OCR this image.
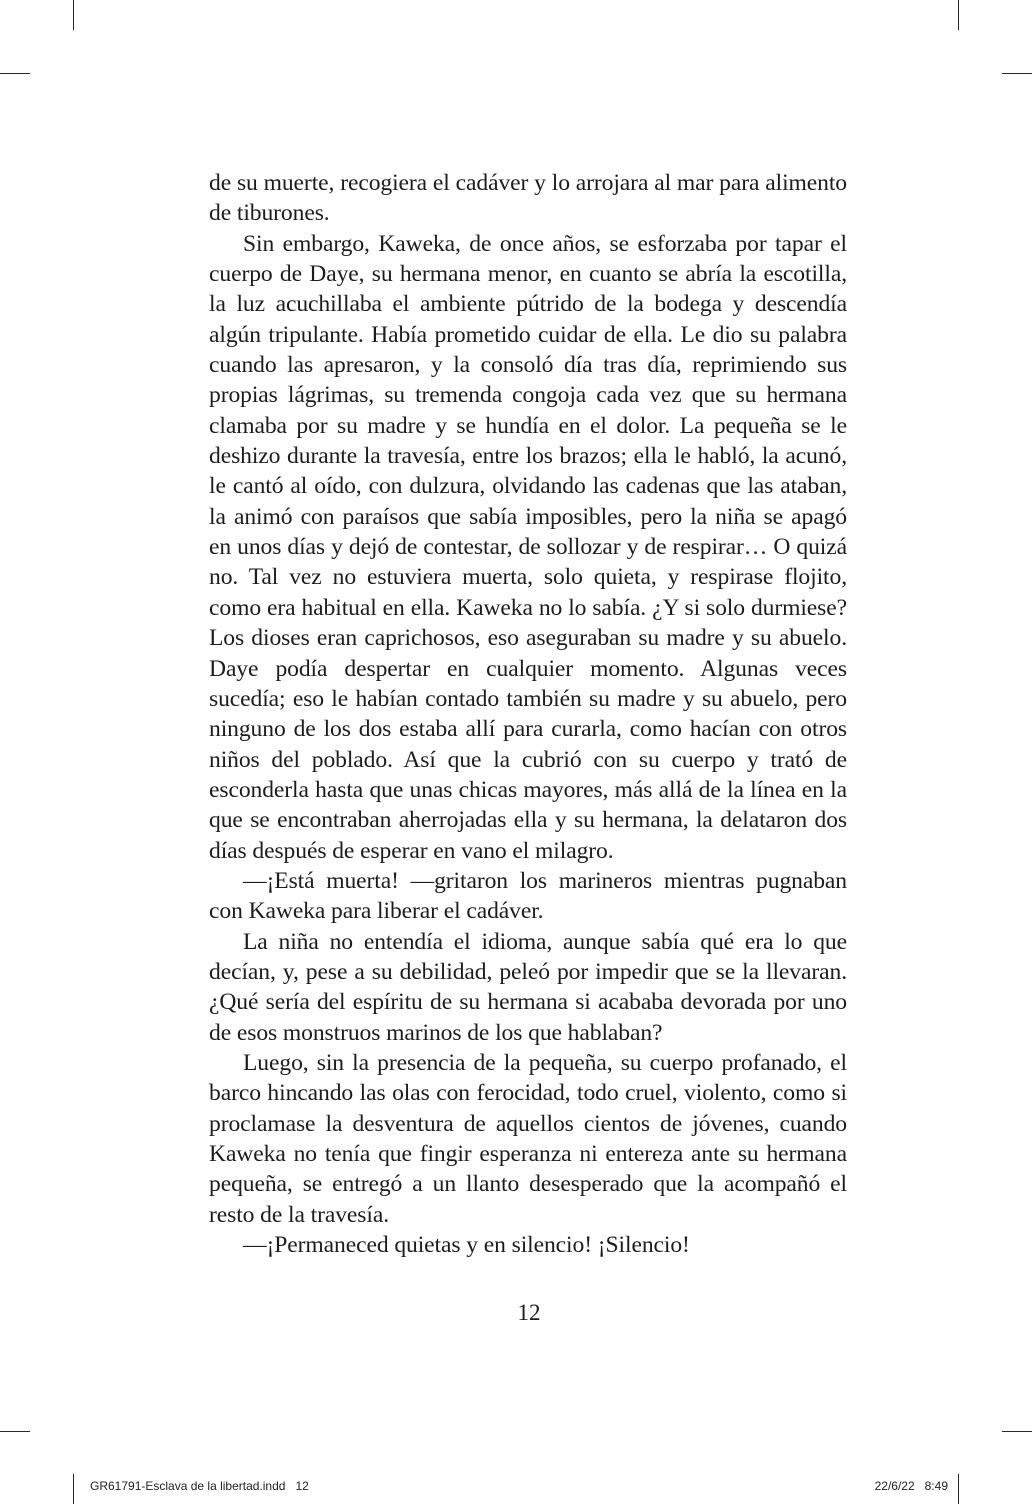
de su muerte, recogiera el cadáver y lo arrojara al mar para alimento de tiburones.

Sin embargo, Kaweka, de once años, se esforzaba por tapar el cuerpo de Daye, su hermana menor, en cuanto se abría la escotilla, la luz acuchillaba el ambiente pútrido de la bodega y descendía algún tripulante. Había prometido cuidar de ella. Le dio su palabra cuando las apresaron, y la consoló día tras día, reprimiendo sus propias lágrimas, su tremenda congoja cada vez que su hermana clamaba por su madre y se hundía en el dolor. La pequeña se le deshizo durante la travesía, entre los brazos; ella le habló, la acunó, le cantó al oído, con dulzura, olvidando las cadenas que las ataban, la animó con paraísos que sabía imposibles, pero la niña se apagó en unos días y dejó de contestar, de sollozar y de respirar… O quizá no. Tal vez no estuviera muerta, solo quieta, y respirase flojito, como era habitual en ella. Kaweka no lo sabía. ¿Y si solo durmiese? Los dioses eran caprichosos, eso aseguraban su madre y su abuelo. Daye podía despertar en cualquier momento. Algunas veces sucedía; eso le habían contado también su madre y su abuelo, pero ninguno de los dos estaba allí para curarla, como hacían con otros niños del poblado. Así que la cubrió con su cuerpo y trató de esconderla hasta que unas chicas mayores, más allá de la línea en la que se encontraban aherrojadas ella y su hermana, la delataron dos días después de esperar en vano el milagro.

—¡Está muerta! —gritaron los marineros mientras pugnaban con Kaweka para liberar el cadáver.

La niña no entendía el idioma, aunque sabía qué era lo que decían, y, pese a su debilidad, peleó por impedir que se la llevaran. ¿Qué sería del espíritu de su hermana si acababa devorada por uno de esos monstruos marinos de los que hablaban?

Luego, sin la presencia de la pequeña, su cuerpo profanado, el barco hincando las olas con ferocidad, todo cruel, violento, como si proclamase la desventura de aquellos cientos de jóvenes, cuando Kaweka no tenía que fingir esperanza ni entereza ante su hermana pequeña, se entregó a un llanto desesperado que la acompañó el resto de la travesía.

—¡Permaneced quietas y en silencio! ¡Silencio!

12
GR61791-Esclava de la libertad.indd   12	22/6/22   8:49
